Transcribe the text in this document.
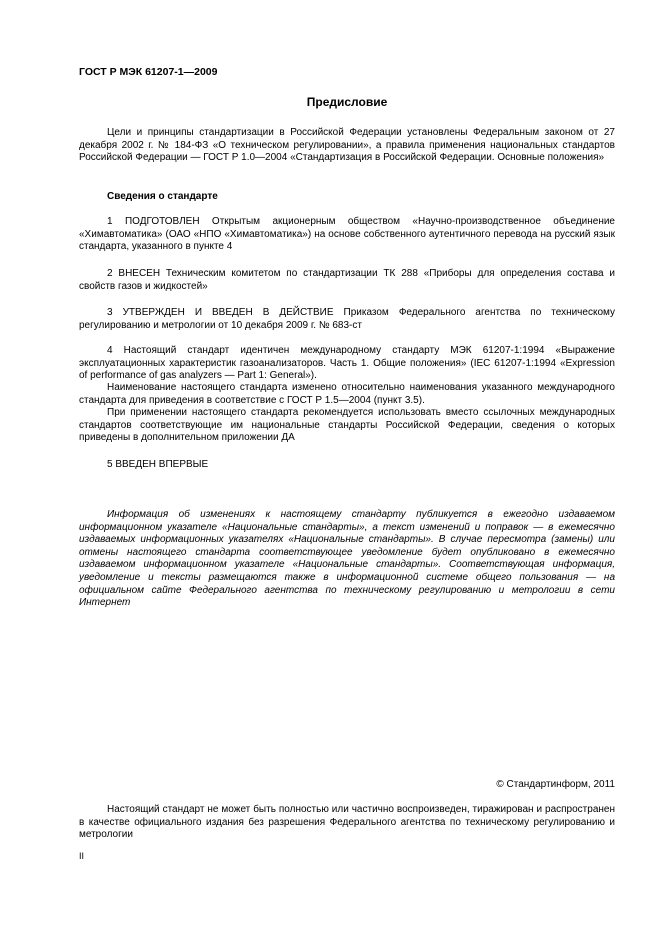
ГОСТ Р МЭК 61207-1—2009
Предисловие
Цели и принципы стандартизации в Российской Федерации установлены Федеральным законом от 27 декабря 2002 г. № 184-ФЗ «О техническом регулировании», а правила применения национальных стандартов Российской Федерации — ГОСТ Р 1.0—2004 «Стандартизация в Российской Федерации. Основные положения»
Сведения о стандарте
1 ПОДГОТОВЛЕН Открытым акционерным обществом «Научно-производственное объединение «Химавтоматика» (ОАО «НПО «Химавтоматика») на основе собственного аутентичного перевода на русский язык стандарта, указанного в пункте 4
2 ВНЕСЕН Техническим комитетом по стандартизации ТК 288 «Приборы для определения состава и свойств газов и жидкостей»
3 УТВЕРЖДЕН И ВВЕДЕН В ДЕЙСТВИЕ Приказом Федерального агентства по техническому регулированию и метрологии от 10 декабря 2009 г. № 683-ст
4 Настоящий стандарт идентичен международному стандарту МЭК 61207-1:1994 «Выражение эксплуатационных характеристик газоанализаторов. Часть 1. Общие положения» (IEC 61207-1:1994 «Expression of performance of gas analyzers — Part 1: General»).
Наименование настоящего стандарта изменено относительно наименования указанного международного стандарта для приведения в соответствие с ГОСТ Р 1.5—2004 (пункт 3.5).
При применении настоящего стандарта рекомендуется использовать вместо ссылочных международных стандартов соответствующие им национальные стандарты Российской Федерации, сведения о которых приведены в дополнительном приложении ДА
5 ВВЕДЕН ВПЕРВЫЕ
Информация об изменениях к настоящему стандарту публикуется в ежегодно издаваемом информационном указателе «Национальные стандарты», а текст изменений и поправок — в ежемесячно издаваемых информационных указателях «Национальные стандарты». В случае пересмотра (замены) или отмены настоящего стандарта соответствующее уведомление будет опубликовано в ежемесячно издаваемом информационном указателе «Национальные стандарты». Соответствующая информация, уведомление и тексты размещаются также в информационной системе общего пользования — на официальном сайте Федерального агентства по техническому регулированию и метрологии в сети Интернет
© Стандартинформ, 2011
Настоящий стандарт не может быть полностью или частично воспроизведен, тиражирован и распространен в качестве официального издания без разрешения Федерального агентства по техническому регулированию и метрологии
II
